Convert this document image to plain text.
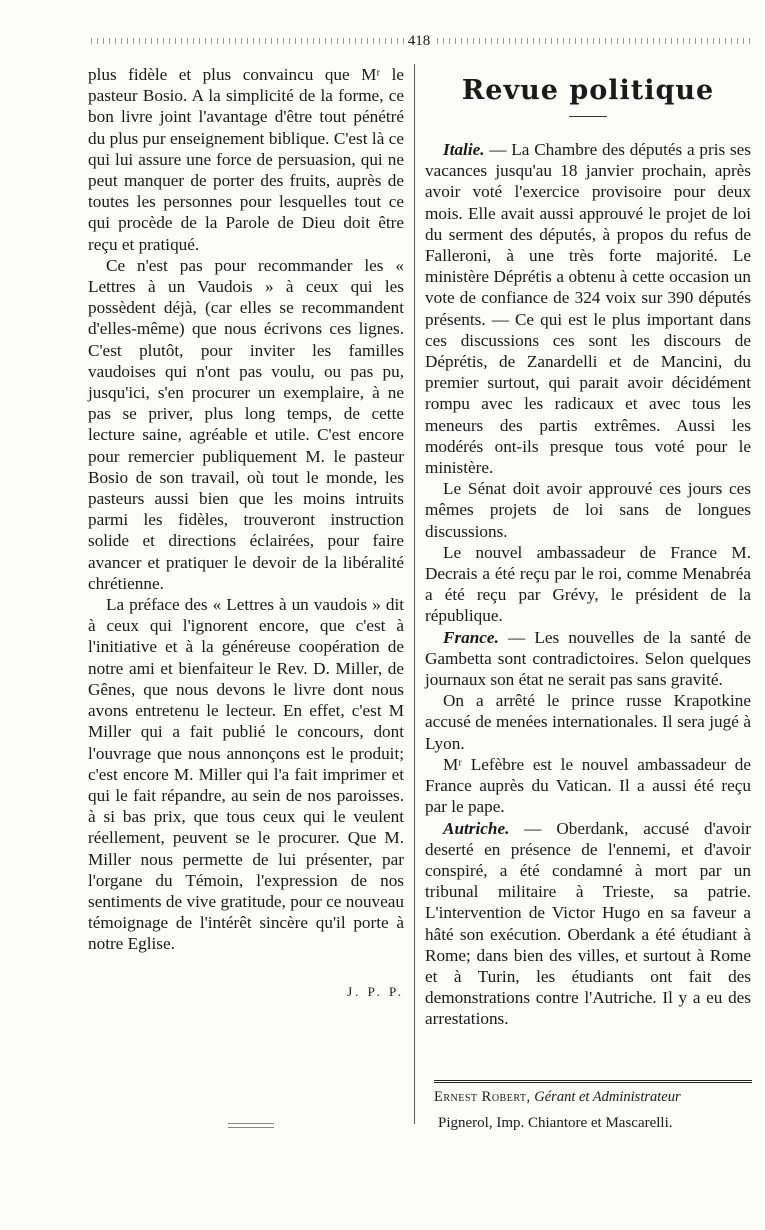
418

plus fidèle et plus convaincu que Mʳ le pasteur Bosio. A la simplicité de la forme, ce bon livre joint l'avantage d'être tout pénétré du plus pur enseignement biblique. C'est là ce qui lui assure une force de persuasion, qui ne peut manquer de porter des fruits, auprès de toutes les personnes pour lesquelles tout ce qui procède de la Parole de Dieu doit être reçu et pratiqué.

Ce n'est pas pour recommander les « Lettres à un Vaudois » à ceux qui les possèdent déjà, (car elles se recommandent d'elles-même) que nous écrivons ces lignes. C'est plutôt, pour inviter les familles vaudoises qui n'ont pas voulu, ou pas pu, jusqu'ici, s'en procurer un exemplaire, à ne pas se priver, plus long temps, de cette lecture saine, agréable et utile. C'est encore pour remercier publiquement M. le pasteur Bosio de son travail, où tout le monde, les pasteurs aussi bien que les moins intruits parmi les fidèles, trouveront instruction solide et directions éclairées, pour faire avancer et pratiquer le devoir de la libéralité chrétienne.

La préface des « Lettres à un vaudois » dit à ceux qui l'ignorent encore, que c'est à l'initiative et à la généreuse coopération de notre ami et bienfaiteur le Rev. D. Miller, de Gênes, que nous devons le livre dont nous avons entretenu le lecteur. En effet, c'est M Miller qui a fait publié le concours, dont l'ouvrage que nous annonçons est le produit; c'est encore M. Miller qui l'a fait imprimer et qui le fait répandre, au sein de nos paroisses. à si bas prix, que tous ceux qui le veulent réellement, peuvent se le procurer. Que M. Miller nous permette de lui présenter, par l'organe du Témoin, l'expression de nos sentiments de vive gratitude, pour ce nouveau témoignage de l'intérêt sincère qu'il porte à notre Eglise.

J. P. P.
Revue politique

Italie. — La Chambre des députés a pris ses vacances jusqu'au 18 janvier prochain, après avoir voté l'exercice provisoire pour deux mois. Elle avait aussi approuvé le projet de loi du serment des députés, à propos du refus de Falleroni, à une très forte majorité. Le ministère Déprétis a obtenu à cette occasion un vote de confiance de 324 voix sur 390 députés présents. — Ce qui est le plus important dans ces discussions ces sont les discours de Déprétis, de Zanardelli et de Mancini, du premier surtout, qui parait avoir décidément rompu avec les radicaux et avec tous les meneurs des partis extrêmes. Aussi les modérés ont-ils presque tous voté pour le ministère.

Le Sénat doit avoir approuvé ces jours ces mêmes projets de loi sans de longues discussions.

Le nouvel ambassadeur de France M. Decrais a été reçu par le roi, comme Menabréa a été reçu par Grévy, le président de la république.

France. — Les nouvelles de la santé de Gambetta sont contradictoires. Selon quelques journaux son état ne serait pas sans gravité.

On a arrêté le prince russe Krapotkine accusé de menées internationales. Il sera jugé à Lyon.

Mʳ Lefèbre est le nouvel ambassadeur de France auprès du Vatican. Il a aussi été reçu par le pape.

Autriche. — Oberdank, accusé d'avoir deserté en présence de l'ennemi, et d'avoir conspiré, a été condamné à mort par un tribunal militaire à Trieste, sa patrie. L'intervention de Victor Hugo en sa faveur a hâté son exécution. Oberdank a été étudiant à Rome; dans bien des villes, et surtout à Rome et à Turin, les étudiants ont fait des demonstrations contre l'Autriche. Il y a eu des arrestations.

Ernest Robert, Gérant et Administrateur
Pignerol, Imp. Chiantore et Mascarelli.
